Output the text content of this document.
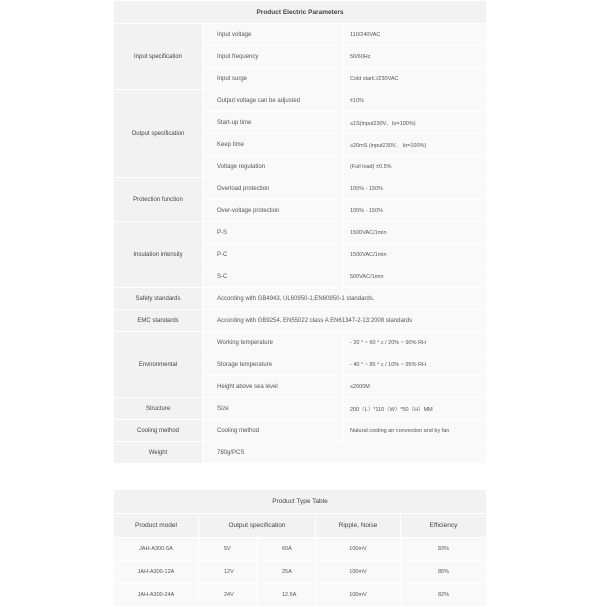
Product Electric Parameters		
Input specification	Input voltage	110/240VAC
	Input frequency	50/60Hz
	Input surge	Cold start□/230VAC
Output specification	Output voltage can be adjusted	±10%
	Start-up time	≤1S(input230V。Io=100%)
	Keep time	≥20mS (input230V。 Io=100%)
	Voltage regulation	(Full load) ±0.5%
Protection function	Overload protection	105% - 150%
	Over-voltage protection	105% - 150%
Insulation intensity	P-S	1500VAC/1min
	P-C	1500VAC/1min
	S-C	500VAC/1min
Safety standards	According with GB4943, UL60950-1,EN60950-1 standards.	
EMC standards	According with GB9254, EN55022 class A EN61347-2-13:2008 standards	
Environmental	Working temperature	- 20 ° ~ 60 ° c / 20% ~ 90% RH
	Storage temperature	- 40 ° ~ 85 ° c / 10% ~ 95% RH
	Height above sea level	≤2000M
Structure	Size	200（L）*110（W）*50（H）MM
Cooling method	Cooling method	Natural cooling air convection and by fan
Weight	780g/PCS	
Product Type Table				
Product model	Output specification		Ripple, Noise	Efficiency
JAH-A300-5A	5V	60A	100mV	83%
JAH-A300-12A	12V	25A	100mV	85%
JAH-A300-24A	24V	12.5A	100mV	82%
